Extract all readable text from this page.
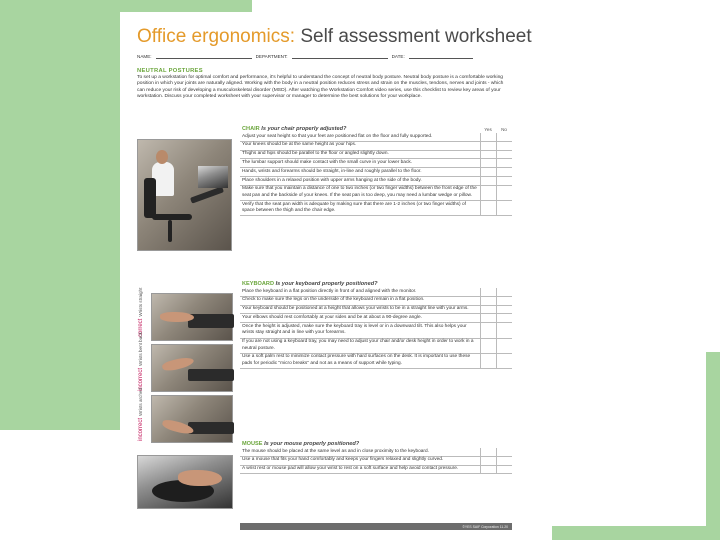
Office ergonomics: Self assessment worksheet
NAME:	DEPARTMENT:	DATE:
NEUTRAL POSTURES
To set up a workstation for optimal comfort and performance, it's helpful to understand the concept of neutral body posture. Neutral body posture is a comfortable working position in which your joints are naturally aligned. Working with the body in a neutral position reduces stress and strain on the muscles, tendons, nerves and joints - which can reduce your risk of developing a musculoskeletal disorder (MSD). After watching the Workstation Comfort video series, use this checklist to review key areas of your workstation. Discuss your completed worksheet with your supervisor or manager to determine the best solutions for your workplace.
CHAIR Is your chair properly adjusted?	Yes	No
Adjust your seat height so that your feet are positioned flat on the floor and fully supported.		
Your knees should be at the same height as your hips.		
Thighs and hips should be parallel to the floor or angled slightly down.		
The lumbar support should make contact with the small curve in your lower back.		
Hands, wrists and forearms should be straight, in-line and roughly parallel to the floor.		
Place shoulders in a relaxed position with upper arms hanging at the side of the body.		
Make sure that you maintain a distance of one to two inches (or two finger widths) between the front edge of the seat pan and the backside of your knees. If the seat pan is too deep, you may need a lumbar wedge or pillow.		
Verify that the seat pan width is adequate by making sure that there are 1-2 inches (or two finger widths) of space between the thigh and the chair edge.		
correctWrists straight
incorrectWrists bent back
incorrectWrists arched
KEYBOARD Is your keyboard properly positioned?		
Place the keyboard in a flat position directly in front of and aligned with the monitor.		
Check to make sure the legs on the underside of the keyboard remain in a flat position.		
Your keyboard should be positioned at a height that allows your wrists to be in a straight line with your arms.		
Your elbows should rest comfortably at your sides and be at about a 90-degree angle.		
Once the height is adjusted, make sure the keyboard tray is level or in a downward tilt. This also helps your wrists stay straight and in line with your forearms.		
If you are not using a keyboard tray, you may need to adjust your chair and/or desk height in order to work in a neutral posture.		
Use a soft palm rest to minimize contact pressure with hard surfaces on the desk. It is important to use these pads for periodic "micro breaks" and not as a means of support while typing.		
MOUSE Is your mouse properly positioned?		
The mouse should be placed at the same level as and in close proximity to the keyboard.		
Use a mouse that fits your hand comfortably and keeps your fingers relaxed and slightly curved.		
A wrist rest or mouse pad will allow your wrist to rest on a soft surface and help avoid contact pressure.		
©YES SAIF Corporation 11.20
